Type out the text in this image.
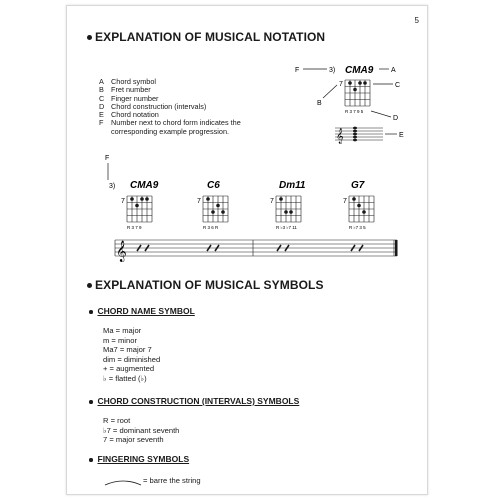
5
EXPLANATION OF MUSICAL NOTATION
A Chord symbol
B Fret number
C Finger number
D Chord construction (intervals)
E Chord notation
F	Number next to chord form indicates the
corresponding example progression.
F	3) CMA9	A
7
R 3 7 9 5
C
D
B
𝄞	E
F
3) CMA9
7
R 3 7 9
C6
7
R 3 6 R
Dm11
7
R ♭3 ♭7 11
G7
7
R ♭7 3 5
𝄞
EXPLANATION OF MUSICAL SYMBOLS
CHORD NAME SYMBOL
Ma = major
m = minor
Ma7 = major 7
dim = diminished
+ = augmented
♭ = flatted (♭)
CHORD CONSTRUCTION (INTERVALS) SYMBOLS
R = root
♭7 = dominant seventh
7 = major seventh
FINGERING SYMBOLS
= barre the string
